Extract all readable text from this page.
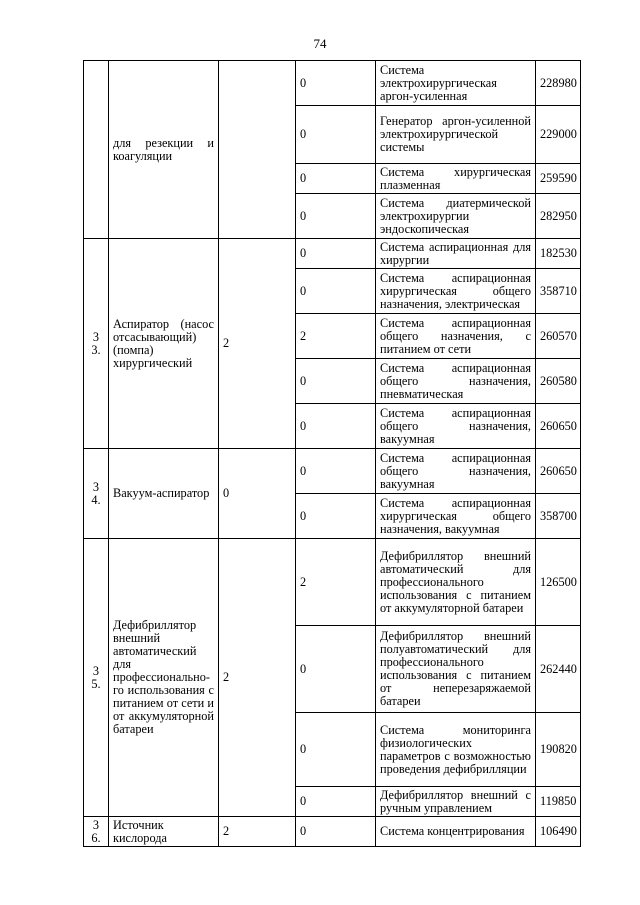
74
	для резекции и коагуляции		0	Система электрохирургическая аргон-усиленная	228980
			0	Генератор аргон-усиленной электрохирургической системы	229000
			0	Система хирургическая плазменная	259590
			0	Система диатермической электрохирургии эндоскопическая	282950
3 3.	Аспиратор (насос отсасывающий) (помпа) хирургический	2	0	Система аспирационная для хирургии	182530
			0	Система аспирационная хирургическая общего назначения, электрическая	358710
			2	Система аспирационная общего назначения, с питанием от сети	260570
			0	Система аспирационная общего назначения, пневматическая	260580
			0	Система аспирационная общего назначения, вакуумная	260650
3 4.	Вакуум-аспиратор	0	0	Система аспирационная общего назначения, вакуумная	260650
			0	Система аспирационная хирургическая общего назначения, вакуумная	358700
3 5.	Дефибриллятор внешний автоматический для профессионально-го использования с питанием от сети и от аккумуляторной батареи	2	2	Дефибриллятор внешний автоматический для профессионального использования с питанием от аккумуляторной батареи	126500
			0	Дефибриллятор внешний полуавтоматический для профессионального использования с питанием от неперезаряжаемой батареи	262440
			0	Система мониторинга физиологических параметров с возможностью проведения дефибрилляции	190820
			0	Дефибриллятор внешний с ручным управлением	119850
3 6.	Источник кислорода	2	0	Система концентрирования	106490
